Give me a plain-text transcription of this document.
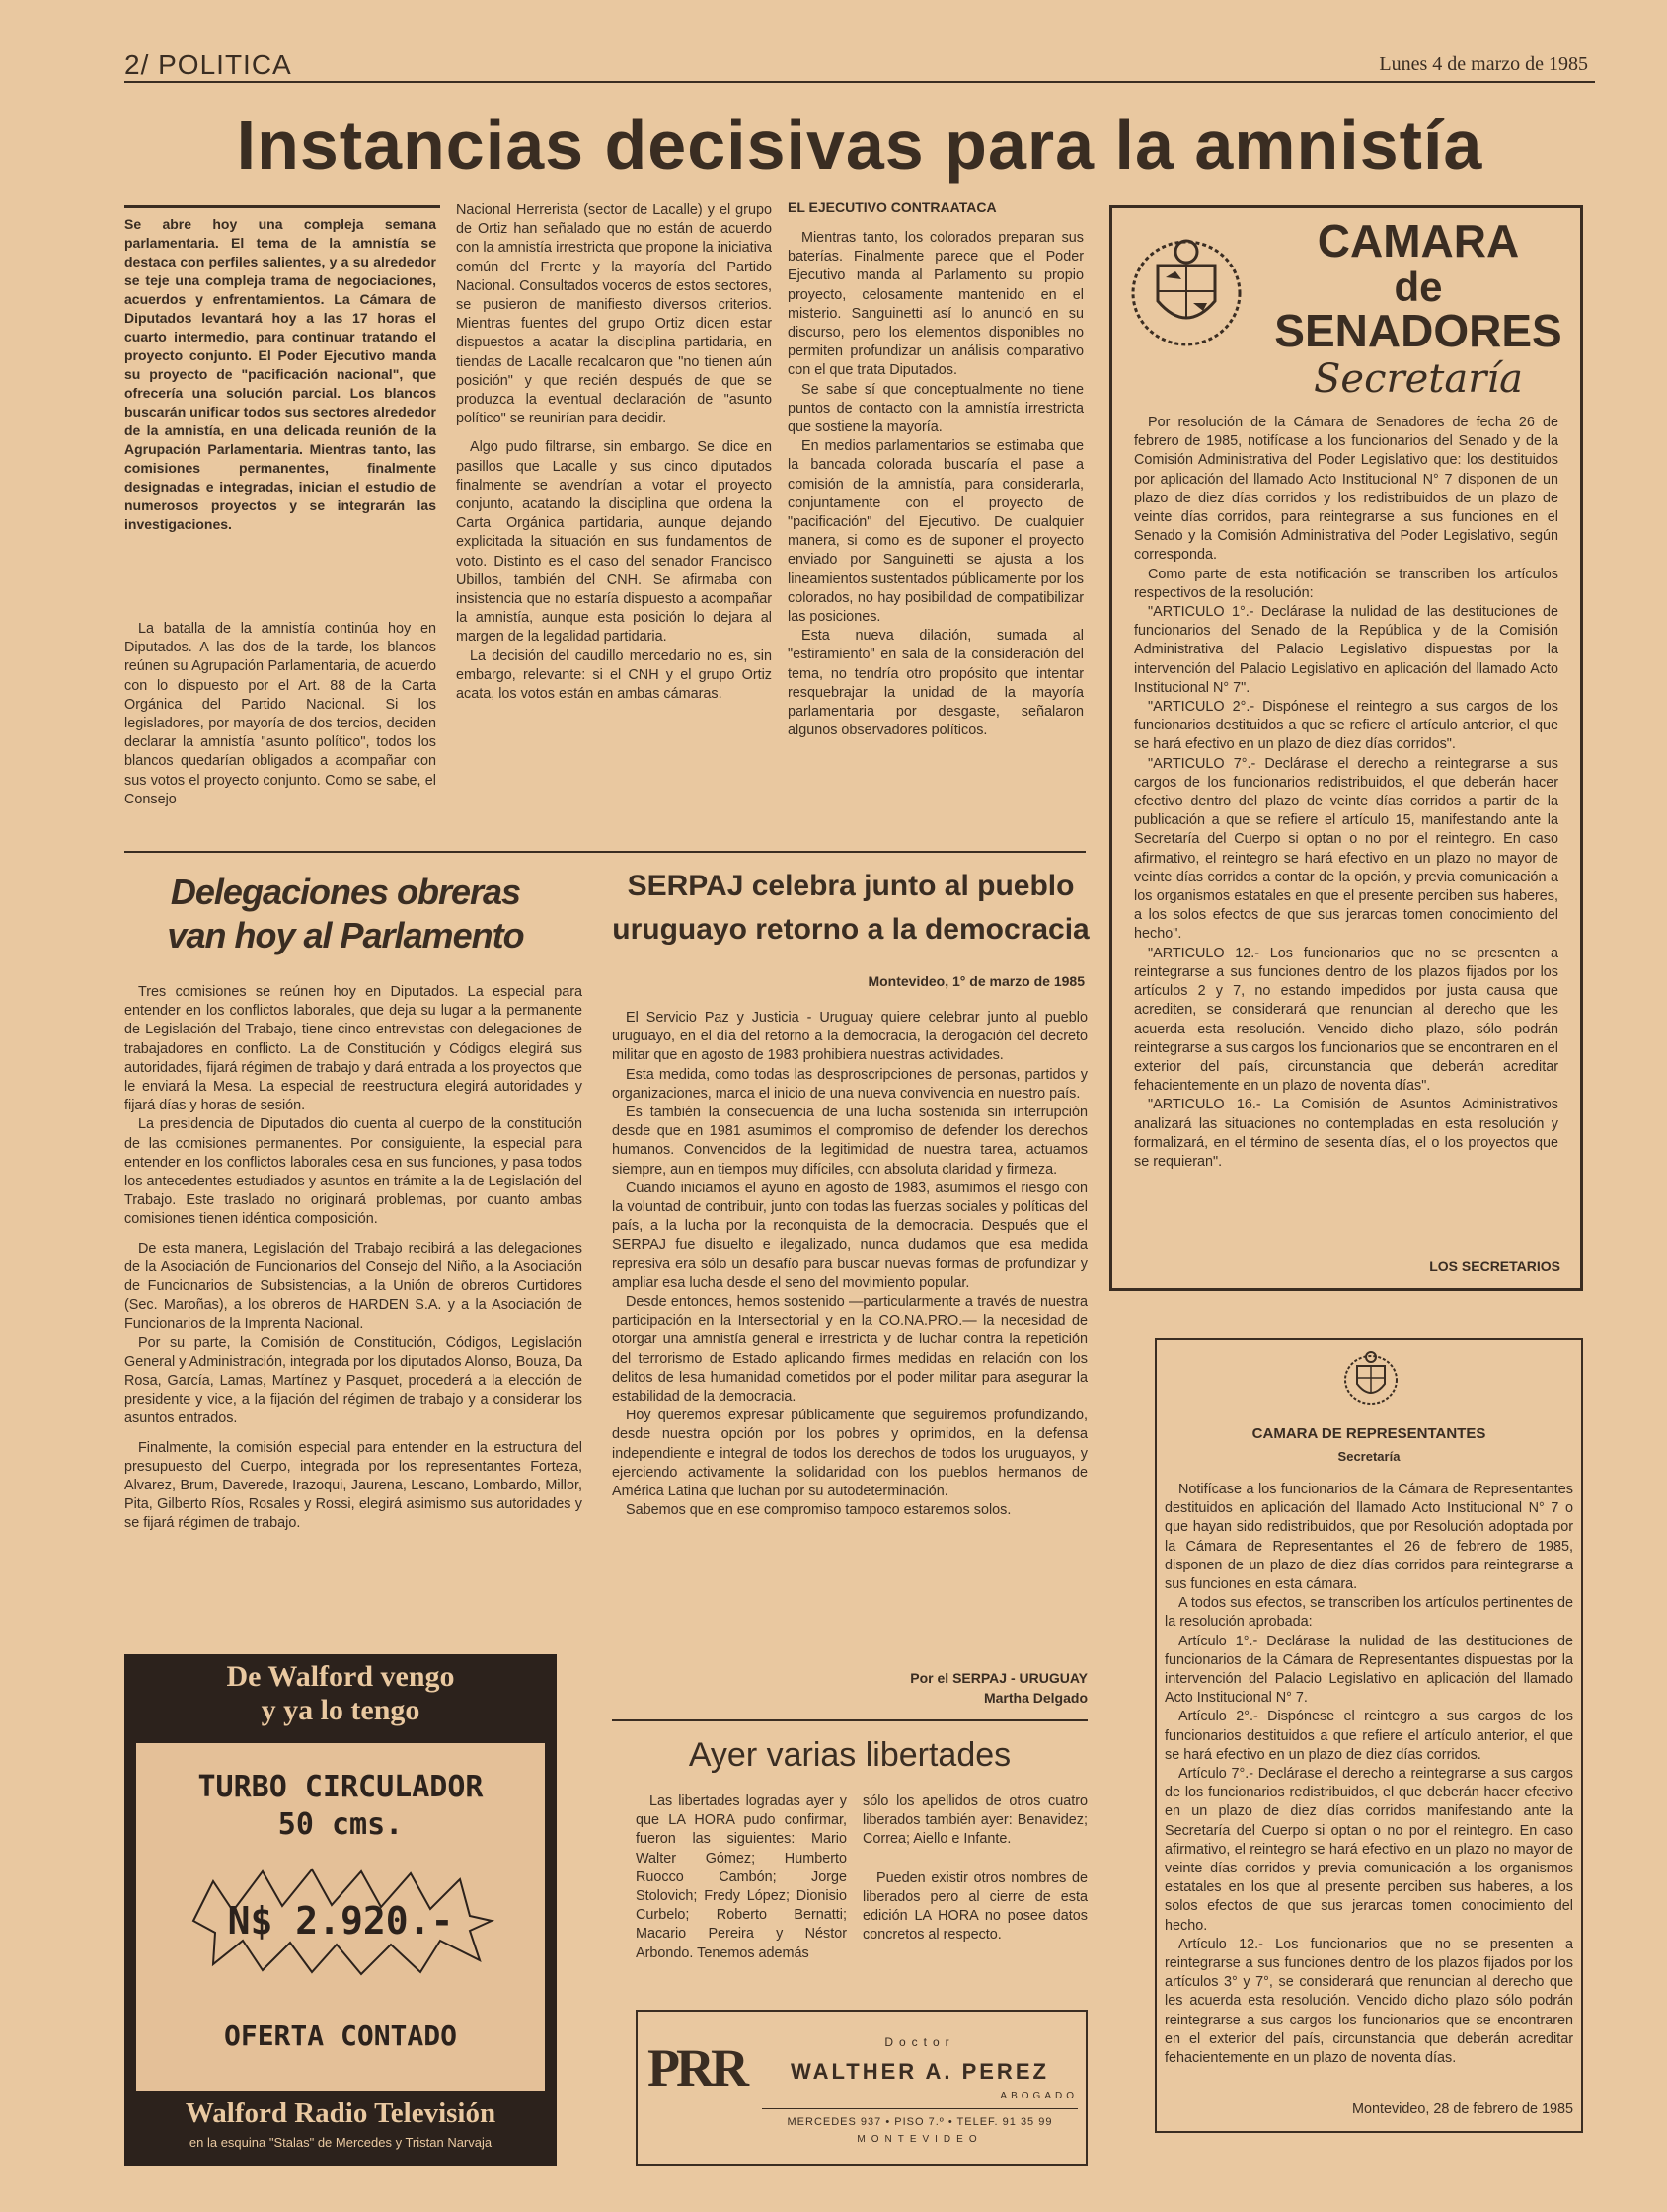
2/ POLITICA	Lunes 4 de marzo de 1985
Instancias decisivas para la amnistía
Se abre hoy una compleja semana parlamentaria. El tema de la amnistía se destaca con perfiles salientes, y a su alrededor se teje una compleja trama de negociaciones, acuerdos y enfrentamientos. La Cámara de Diputados levantará hoy a las 17 horas el cuarto intermedio, para continuar tratando el proyecto conjunto. El Poder Ejecutivo manda su proyecto de "pacificación nacional", que ofrecería una solución parcial. Los blancos buscarán unificar todos sus sectores alrededor de la amnistía, en una delicada reunión de la Agrupación Parlamentaria. Mientras tanto, las comisiones permanentes, finalmente designadas e integradas, inician el estudio de numerosos proyectos y se integrarán las investigaciones.

La batalla de la amnistía continúa hoy en Diputados. A las dos de la tarde, los blancos reúnen su Agrupación Parlamentaria, de acuerdo con lo dispuesto por el Art. 88 de la Carta Orgánica del Partido Nacional. Si los legisladores, por mayoría de dos tercios, deciden declarar la amnistía "asunto político", todos los blancos quedarían obligados a acompañar con sus votos el proyecto conjunto. Como se sabe, el Consejo

Nacional Herrerista (sector de Lacalle) y el grupo de Ortiz han señalado que no están de acuerdo con la amnistía irrestricta que propone la iniciativa común del Frente y la mayoría del Partido Nacional. Consultados voceros de estos sectores, se pusieron de manifiesto diversos criterios. Mientras fuentes del grupo Ortiz dicen estar dispuestos a acatar la disciplina partidaria, en tiendas de Lacalle recalcaron que "no tienen aún posición" y que recién después de que se produzca la eventual declaración de "asunto político" se reunirían para decidir.

Algo pudo filtrarse, sin embargo. Se dice en pasillos que Lacalle y sus cinco diputados finalmente se avendrían a votar el proyecto conjunto, acatando la disciplina que ordena la Carta Orgánica partidaria, aunque dejando explicitada la situación en sus fundamentos de voto. Distinto es el caso del senador Francisco Ubillos, también del CNH. Se afirmaba con insistencia que no estaría dispuesto a acompañar la amnistía, aunque esta posición lo dejara al margen de la legalidad partidaria.

La decisión del caudillo mercedario no es, sin embargo, relevante: si el CNH y el grupo Ortiz acata, los votos están en ambas cámaras.

EL EJECUTIVO CONTRAATACA

Mientras tanto, los colorados preparan sus baterías. Finalmente parece que el Poder Ejecutivo manda al Parlamento su propio proyecto, celosamente mantenido en el misterio. Sanguinetti así lo anunció en su discurso, pero los elementos disponibles no permiten profundizar un análisis comparativo con el que trata Diputados.

Se sabe sí que conceptualmente no tiene puntos de contacto con la amnistía irrestricta que sostiene la mayoría.

En medios parlamentarios se estimaba que la bancada colorada buscaría el pase a comisión de la amnistía, para considerarla, conjuntamente con el proyecto de "pacificación" del Ejecutivo. De cualquier manera, si como es de suponer el proyecto enviado por Sanguinetti se ajusta a los lineamientos sustentados públicamente por los colorados, no hay posibilidad de compatibilizar las posiciones.

Esta nueva dilación, sumada al "estiramiento" en sala de la consideración del tema, no tendría otro propósito que intentar resquebrajar la unidad de la mayoría parlamentaria por desgaste, señalaron algunos observadores políticos.

CAMARA
de
SENADORES
Secretaría

Por resolución de la Cámara de Senadores de fecha 26 de febrero de 1985, notifícase a los funcionarios del Senado y de la Comisión Administrativa del Poder Legislativo que: los destituidos por aplicación del llamado Acto Institucional N° 7 disponen de un plazo de diez días corridos y los redistribuidos de un plazo de veinte días corridos, para reintegrarse a sus funciones en el Senado y la Comisión Administrativa del Poder Legislativo, según corresponda.

Como parte de esta notificación se transcriben los artículos respectivos de la resolución:

"ARTICULO 1°.- Declárase la nulidad de las destituciones de funcionarios del Senado de la República y de la Comisión Administrativa del Palacio Legislativo dispuestas por la intervención del Palacio Legislativo en aplicación del llamado Acto Institucional N° 7".

"ARTICULO 2°.- Dispónese el reintegro a sus cargos de los funcionarios destituidos a que se refiere el artículo anterior, el que se hará efectivo en un plazo de diez días corridos".

"ARTICULO 7°.- Declárase el derecho a reintegrarse a sus cargos de los funcionarios redistribuidos, el que deberán hacer efectivo dentro del plazo de veinte días corridos a partir de la publicación a que se refiere el artículo 15, manifestando ante la Secretaría del Cuerpo si optan o no por el reintegro. En caso afirmativo, el reintegro se hará efectivo en un plazo no mayor de veinte días corridos a contar de la opción, y previa comunicación a los organismos estatales en que el presente perciben sus haberes, a los solos efectos de que sus jerarcas tomen conocimiento del hecho".

"ARTICULO 12.- Los funcionarios que no se presenten a reintegrarse a sus funciones dentro de los plazos fijados por los artículos 2 y 7, no estando impedidos por justa causa que acrediten, se considerará que renuncian al derecho que les acuerda esta resolución. Vencido dicho plazo, sólo podrán reintegrarse a sus cargos los funcionarios que se encontraren en el exterior del país, circunstancia que deberán acreditar fehacientemente en un plazo de noventa días".

"ARTICULO 16.- La Comisión de Asuntos Administrativos analizará las situaciones no contempladas en esta resolución y formalizará, en el término de sesenta días, el o los proyectos que se requieran".

LOS SECRETARIOS
Delegaciones obreras
van hoy al Parlamento

Tres comisiones se reúnen hoy en Diputados. La especial para entender en los conflictos laborales, que deja su lugar a la permanente de Legislación del Trabajo, tiene cinco entrevistas con delegaciones de trabajadores en conflicto. La de Constitución y Códigos elegirá sus autoridades, fijará régimen de trabajo y dará entrada a los proyectos que le enviará la Mesa. La especial de reestructura elegirá autoridades y fijará días y horas de sesión.

La presidencia de Diputados dio cuenta al cuerpo de la constitución de las comisiones permanentes. Por consiguiente, la especial para entender en los conflictos laborales cesa en sus funciones, y pasa todos los antecedentes estudiados y asuntos en trámite a la de Legislación del Trabajo. Este traslado no originará problemas, por cuanto ambas comisiones tienen idéntica composición.

De esta manera, Legislación del Trabajo recibirá a las delegaciones de la Asociación de Funcionarios del Consejo del Niño, a la Asociación de Funcionarios de Subsistencias, a la Unión de obreros Curtidores (Sec. Maroñas), a los obreros de HARDEN S.A. y a la Asociación de Funcionarios de la Imprenta Nacional.

Por su parte, la Comisión de Constitución, Códigos, Legislación General y Administración, integrada por los diputados Alonso, Bouza, Da Rosa, García, Lamas, Martínez y Pasquet, procederá a la elección de presidente y vice, a la fijación del régimen de trabajo y a considerar los asuntos entrados.

Finalmente, la comisión especial para entender en la estructura del presupuesto del Cuerpo, integrada por los representantes Forteza, Alvarez, Brum, Daverede, Irazoqui, Jaurena, Lescano, Lombardo, Millor, Pita, Gilberto Ríos, Rosales y Rossi, elegirá asimismo sus autoridades y se fijará régimen de trabajo.

SERPAJ celebra junto al pueblo
uruguayo retorno a la democracia
Montevideo, 1° de marzo de 1985

El Servicio Paz y Justicia - Uruguay quiere celebrar junto al pueblo uruguayo, en el día del retorno a la democracia, la derogación del decreto militar que en agosto de 1983 prohibiera nuestras actividades.

Esta medida, como todas las desproscripciones de personas, partidos y organizaciones, marca el inicio de una nueva convivencia en nuestro país.

Es también la consecuencia de una lucha sostenida sin interrupción desde que en 1981 asumimos el compromiso de defender los derechos humanos. Convencidos de la legitimidad de nuestra tarea, actuamos siempre, aun en tiempos muy difíciles, con absoluta claridad y firmeza.

Cuando iniciamos el ayuno en agosto de 1983, asumimos el riesgo con la voluntad de contribuir, junto con todas las fuerzas sociales y políticas del país, a la lucha por la reconquista de la democracia. Después que el SERPAJ fue disuelto e ilegalizado, nunca dudamos que esa medida represiva era sólo un desafío para buscar nuevas formas de profundizar y ampliar esa lucha desde el seno del movimiento popular.

Desde entonces, hemos sostenido —particularmente a través de nuestra participación en la Intersectorial y en la CO.NA.PRO.— la necesidad de otorgar una amnistía general e irrestricta y de luchar contra la repetición del terrorismo de Estado aplicando firmes medidas en relación con los delitos de lesa humanidad cometidos por el poder militar para asegurar la estabilidad de la democracia.

Hoy queremos expresar públicamente que seguiremos profundizando, desde nuestra opción por los pobres y oprimidos, en la defensa independiente e integral de todos los derechos de todos los uruguayos, y ejerciendo activamente la solidaridad con los pueblos hermanos de América Latina que luchan por su autodeterminación.

Sabemos que en ese compromiso tampoco estaremos solos.

Por el SERPAJ - URUGUAY
Martha Delgado
Ayer varias libertades

Las libertades logradas ayer y que LA HORA pudo confirmar, fueron las siguientes: Mario Walter Gómez; Humberto Ruocco Cambón; Jorge Stolovich; Fredy López; Dionisio Curbelo; Roberto Bernatti; Macario Pereira y Néstor Arbondo. Tenemos además

sólo los apellidos de otros cuatro liberados también ayer: Benavidez; Correa; Aiello e Infante.

Pueden existir otros nombres de liberados pero al cierre de esta edición LA HORA no posee datos concretos al respecto.

De Walford vengo
y ya lo tengo
TURBO CIRCULADOR
50 cms.
N$ 2.920.-
OFERTA CONTADO
Walford Radio Televisión
en la esquina "Stalas" de Mercedes y Tristan Narvaja
PRR	Doctor
WALTHER A. PEREZ
ABOGADO
MERCEDES 937 • PISO 7.º • TELEF. 91 35 99
MONTEVIDEO
CAMARA DE REPRESENTANTES
Secretaría

Notifícase a los funcionarios de la Cámara de Representantes destituidos en aplicación del llamado Acto Institucional N° 7 o que hayan sido redistribuidos, que por Resolución adoptada por la Cámara de Representantes el 26 de febrero de 1985, disponen de un plazo de diez días corridos para reintegrarse a sus funciones en esta cámara.

A todos sus efectos, se transcriben los artículos pertinentes de la resolución aprobada:

Artículo 1°.- Declárase la nulidad de las destituciones de funcionarios de la Cámara de Representantes dispuestas por la intervención del Palacio Legislativo en aplicación del llamado Acto Institucional N° 7.

Artículo 2°.- Dispónese el reintegro a sus cargos de los funcionarios destituidos a que refiere el artículo anterior, el que se hará efectivo en un plazo de diez días corridos.

Artículo 7°.- Declárase el derecho a reintegrarse a sus cargos de los funcionarios redistribuidos, el que deberán hacer efectivo en un plazo de diez días corridos manifestando ante la Secretaría del Cuerpo si optan o no por el reintegro. En caso afirmativo, el reintegro se hará efectivo en un plazo no mayor de veinte días corridos y previa comunicación a los organismos estatales en los que al presente perciben sus haberes, a los solos efectos de que sus jerarcas tomen conocimiento del hecho.

Artículo 12.- Los funcionarios que no se presenten a reintegrarse a sus funciones dentro de los plazos fijados por los artículos 3° y 7°, se considerará que renuncian al derecho que les acuerda esta resolución. Vencido dicho plazo sólo podrán reintegrarse a sus cargos los funcionarios que se encontraren en el exterior del país, circunstancia que deberán acreditar fehacientemente en un plazo de noventa días.

Montevideo, 28 de febrero de 1985
